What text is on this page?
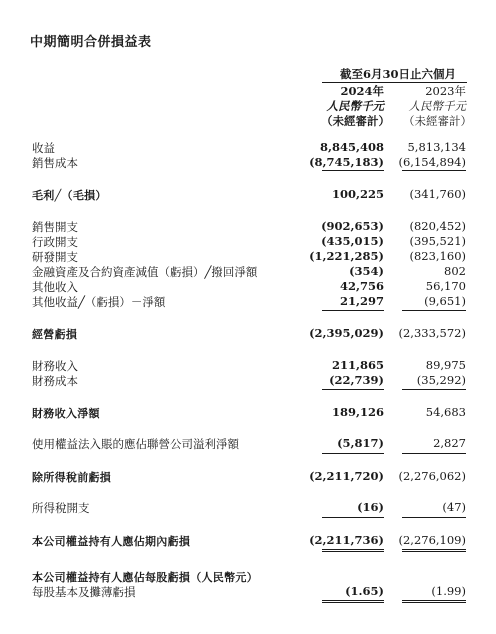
中期簡明合併損益表
截至6月30日止六個月
2024年	2023年
人民幣千元 人民幣千元
（未經審計） （未經審計）
收益	8,845,408 5,813,134
銷售成本	(8,745,183) (6,154,894)
毛利╱（毛損）	100,225 (341,760)
銷售開支	(902,653) (820,452)
行政開支	(435,015) (395,521)
研發開支	(1,221,285) (823,160)
金融資產及合約資產減值（虧損）╱撥回淨額	(354)	802
其他收入	42,756	56,170
其他收益╱（虧損）－淨額	21,297	(9,651)
經營虧損	(2,395,029) (2,333,572)
財務收入	211,865	89,975
財務成本	(22,739)	(35,292)
財務收入淨額	189,126	54,683
使用權益法入賬的應佔聯營公司溢利淨額	(5,817)	2,827
除所得稅前虧損	(2,211,720) (2,276,062)
所得稅開支	(16)	(47)
本公司權益持有人應佔期內虧損	(2,211,736) (2,276,109)
本公司權益持有人應佔每股虧損（人民幣元）
每股基本及攤薄虧損	(1.65)	(1.99)
